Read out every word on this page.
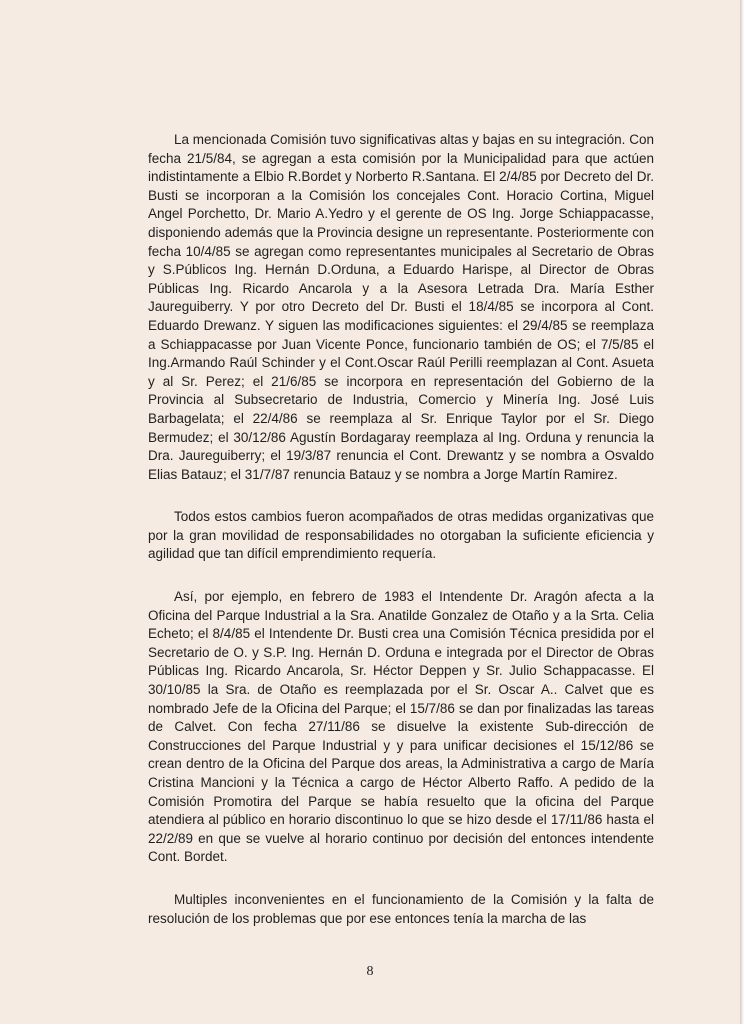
La mencionada Comisión tuvo significativas altas y bajas en su integración. Con fecha 21/5/84, se agregan a esta comisión por la Municipalidad para que actúen indistintamente a Elbio R.Bordet y Norberto R.Santana. El 2/4/85 por Decreto del Dr. Busti se incorporan a la Comisión los concejales Cont. Horacio Cortina, Miguel Angel Porchetto, Dr. Mario A.Yedro y el gerente de OS Ing. Jorge Schiappacasse, disponiendo además que la Provincia designe un representante. Posteriormente con fecha 10/4/85 se agregan como representantes municipales al Secretario de Obras y S.Públicos Ing. Hernán D.Orduna, a Eduardo Harispe, al Director de Obras Públicas Ing. Ricardo Ancarola y a la Asesora Letrada Dra. María Esther Jaureguiberry. Y por otro Decreto del Dr. Busti el 18/4/85 se incorpora al Cont. Eduardo Drewanz. Y siguen las modificaciones siguientes: el 29/4/85 se reemplaza a Schiappacasse por Juan Vicente Ponce, funcionario también de OS; el 7/5/85 el Ing.Armando Raúl Schinder y el Cont.Oscar Raúl Perilli reemplazan al Cont. Asueta y al Sr. Perez; el 21/6/85 se incorpora en representación del Gobierno de la Provincia al Subsecretario de Industria, Comercio y Minería Ing. José Luis Barbagelata; el 22/4/86 se reemplaza al Sr. Enrique Taylor por el Sr. Diego Bermudez; el 30/12/86 Agustín Bordagaray reemplaza al Ing. Orduna y renuncia la Dra. Jaureguiberry; el 19/3/87 renuncia el Cont. Drewantz y se nombra a Osvaldo Elias Batauz; el 31/7/87 renuncia Batauz y se nombra a Jorge Martín Ramirez.

Todos estos cambios fueron acompañados de otras medidas organizativas que por la gran movilidad de responsabilidades no otorgaban la suficiente eficiencia y agilidad que tan difícil emprendimiento requería.

Así, por ejemplo, en febrero de 1983 el Intendente Dr. Aragón afecta a la Oficina del Parque Industrial a la Sra. Anatilde Gonzalez de Otaño y a la Srta. Celia Echeto; el 8/4/85 el Intendente Dr. Busti crea una Comisión Técnica presidida por el Secretario de O. y S.P. Ing. Hernán D. Orduna e integrada por el Director de Obras Públicas Ing. Ricardo Ancarola, Sr. Héctor Deppen y Sr. Julio Schappacasse. El 30/10/85 la Sra. de Otaño es reemplazada por el Sr. Oscar A.. Calvet que es nombrado Jefe de la Oficina del Parque; el 15/7/86 se dan por finalizadas las tareas de Calvet. Con fecha 27/11/86 se disuelve la existente Sub-dirección de Construcciones del Parque Industrial y y para unificar decisiones el 15/12/86 se crean dentro de la Oficina del Parque dos areas, la Administrativa a cargo de María Cristina Mancioni y la Técnica a cargo de Héctor Alberto Raffo. A pedido de la Comisión Promotira del Parque se había resuelto que la oficina del Parque atendiera al público en horario discontinuo lo que se hizo desde el 17/11/86 hasta el 22/2/89 en que se vuelve al horario continuo por decisión del entonces intendente Cont. Bordet.

Multiples inconvenientes en el funcionamiento de la Comisión y la falta de resolución de los problemas que por ese entonces tenía la marcha de las

8
